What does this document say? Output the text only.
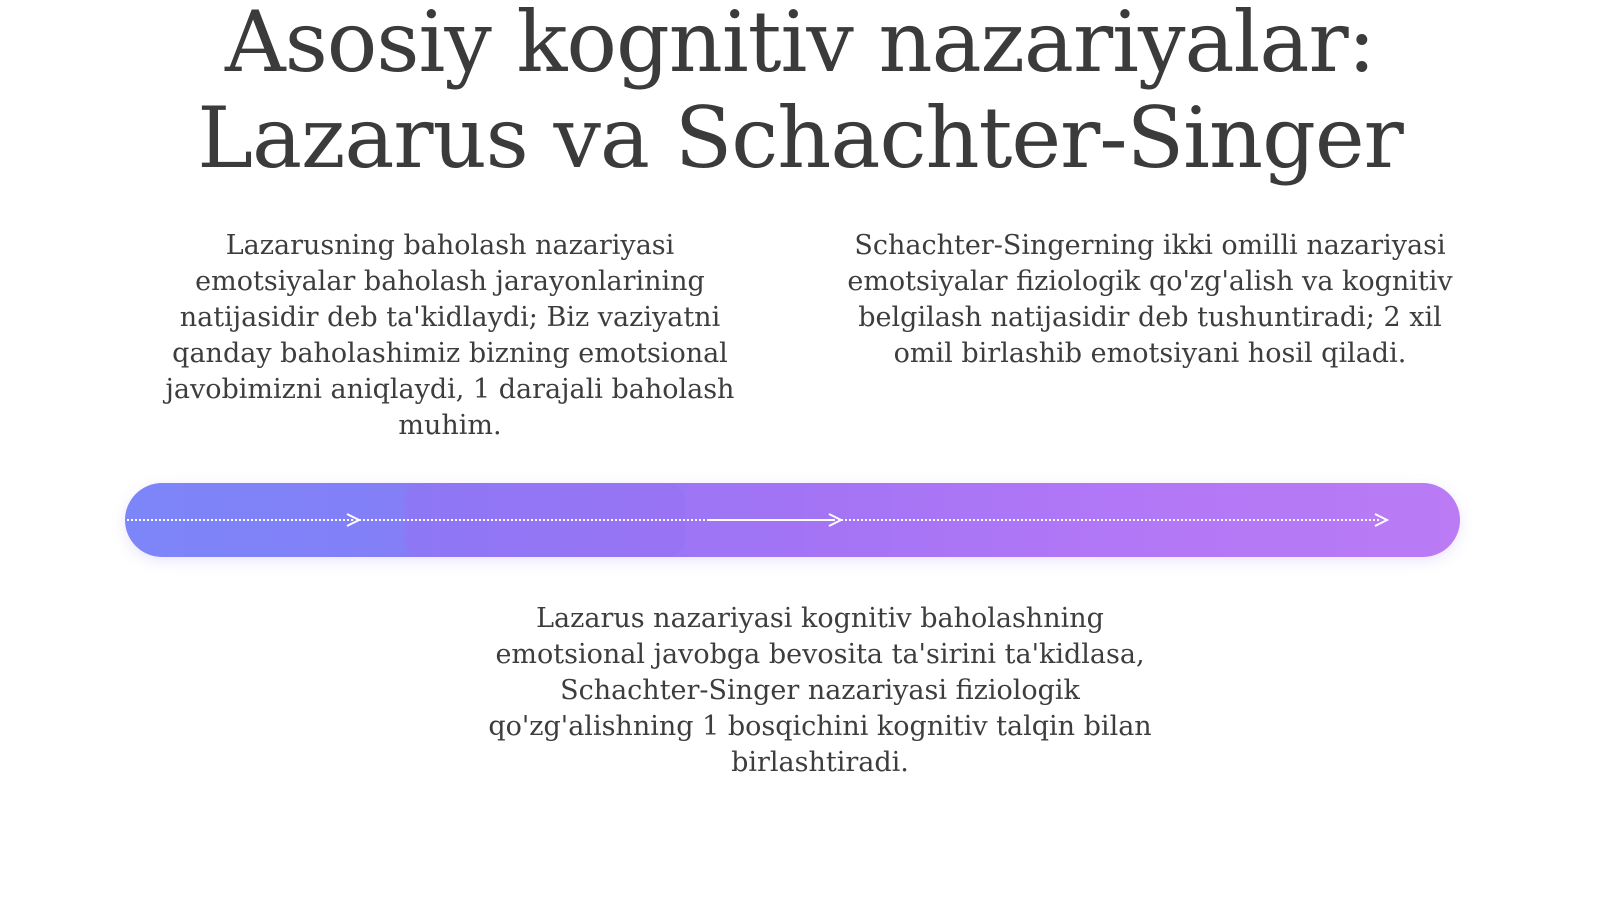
Asosiy kognitiv nazariyalar:
Lazarus va Schachter-Singer

Lazarusning baholash nazariyasi emotsiyalar baholash jarayonlarining natijasidir deb ta'kidlaydi; Biz vaziyatni qanday baholashimiz bizning emotsional javobimizni aniqlaydi, 1 darajali baholash muhim.

Schachter-Singerning ikki omilli nazariyasi emotsiyalar fiziologik qo'zg'alish va kognitiv belgilash natijasidir deb tushuntiradi; 2 xil omil birlashib emotsiyani hosil qiladi.

Lazarus nazariyasi kognitiv baholashning emotsional javobga bevosita ta'sirini ta'kidlasa, Schachter-Singer nazariyasi fiziologik qo'zg'alishning 1 bosqichini kognitiv talqin bilan birlashtiradi.
